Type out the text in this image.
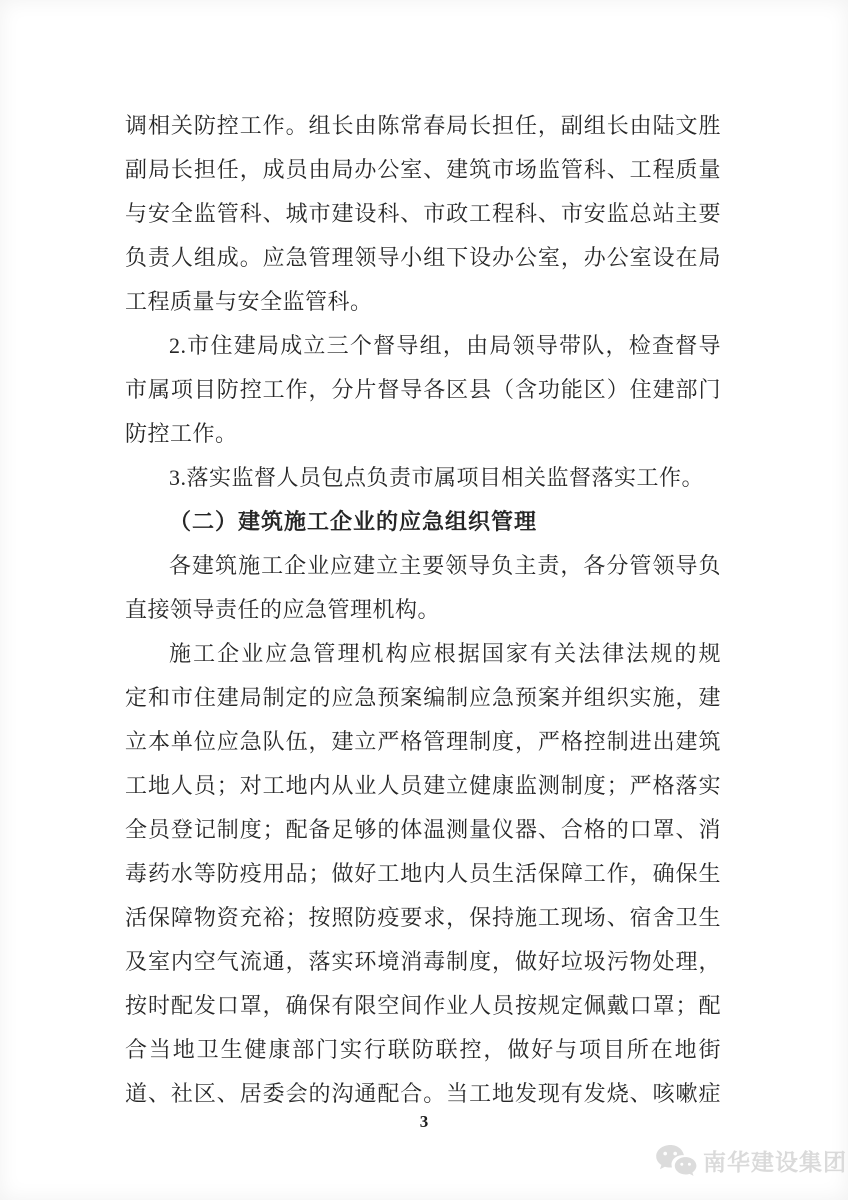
调相关防控工作。组长由陈常春局长担任，副组长由陆文胜
副局长担任，成员由局办公室、建筑市场监管科、工程质量
与安全监管科、城市建设科、市政工程科、市安监总站主要
负责人组成。应急管理领导小组下设办公室，办公室设在局
工程质量与安全监管科。
2.市住建局成立三个督导组，由局领导带队，检查督导
市属项目防控工作，分片督导各区县（含功能区）住建部门
防控工作。
3.落实监督人员包点负责市属项目相关监督落实工作。
（二）建筑施工企业的应急组织管理
各建筑施工企业应建立主要领导负主责，各分管领导负
直接领导责任的应急管理机构。
施工企业应急管理机构应根据国家有关法律法规的规
定和市住建局制定的应急预案编制应急预案并组织实施，建
立本单位应急队伍，建立严格管理制度，严格控制进出建筑
工地人员；对工地内从业人员建立健康监测制度；严格落实
全员登记制度；配备足够的体温测量仪器、合格的口罩、消
毒药水等防疫用品；做好工地内人员生活保障工作，确保生
活保障物资充裕；按照防疫要求，保持施工现场、宿舍卫生
及室内空气流通，落实环境消毒制度，做好垃圾污物处理，
按时配发口罩，确保有限空间作业人员按规定佩戴口罩；配
合当地卫生健康部门实行联防联控，做好与项目所在地街
道、社区、居委会的沟通配合。当工地发现有发烧、咳嗽症
3
南华建设集团
